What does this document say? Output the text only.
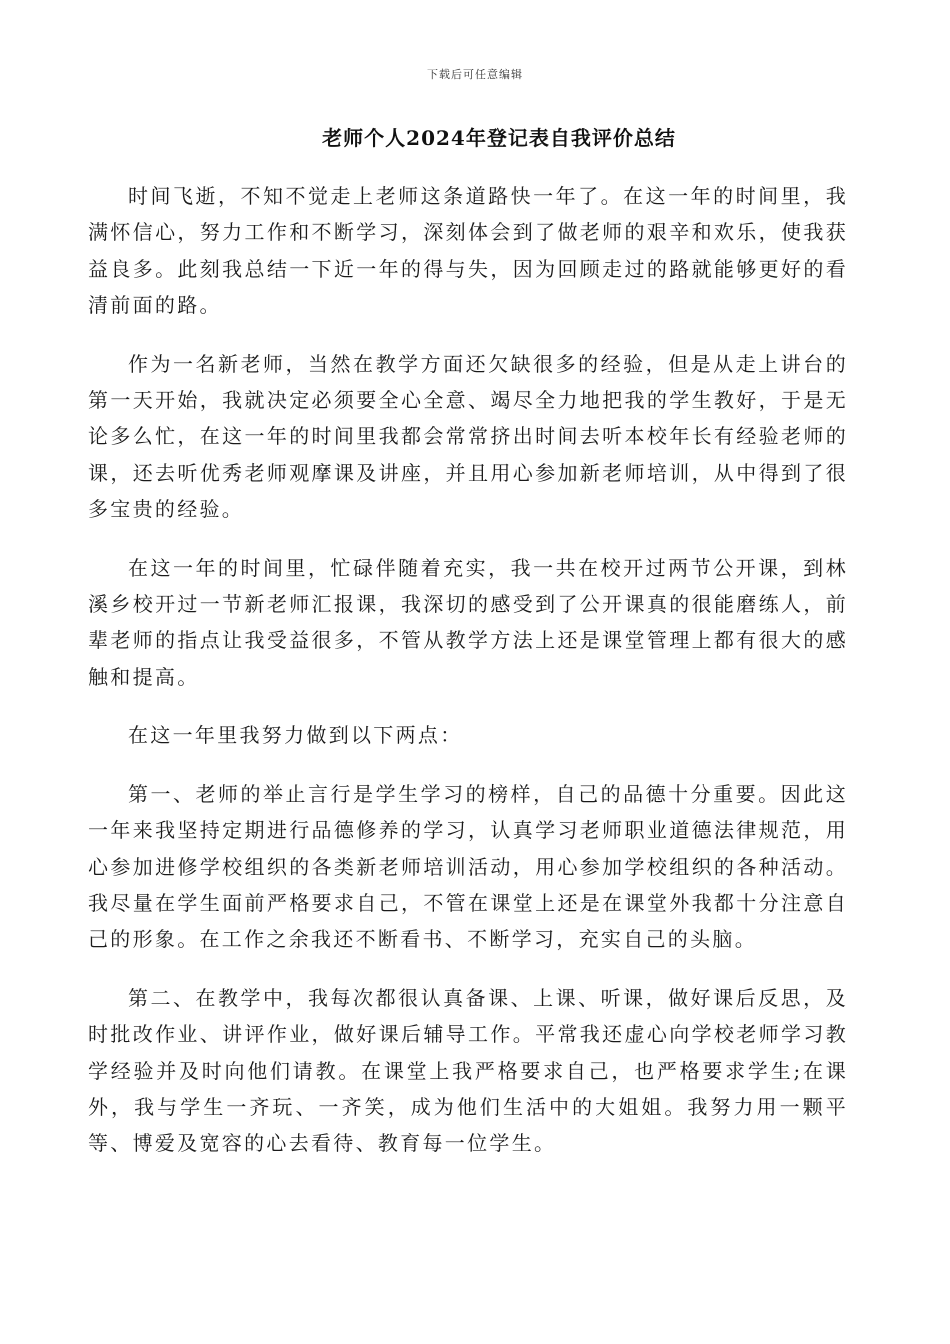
下载后可任意编辑
老师个人2024年登记表自我评价总结

时间飞逝，不知不觉走上老师这条道路快一年了。在这一年的时间里，我满怀信心，努力工作和不断学习，深刻体会到了做老师的艰辛和欢乐，使我获益良多。此刻我总结一下近一年的得与失，因为回顾走过的路就能够更好的看清前面的路。

作为一名新老师，当然在教学方面还欠缺很多的经验，但是从走上讲台的第一天开始，我就决定必须要全心全意、竭尽全力地把我的学生教好，于是无论多么忙，在这一年的时间里我都会常常挤出时间去听本校年长有经验老师的课，还去听优秀老师观摩课及讲座，并且用心参加新老师培训，从中得到了很多宝贵的经验。

在这一年的时间里，忙碌伴随着充实，我一共在校开过两节公开课，到林溪乡校开过一节新老师汇报课，我深切的感受到了公开课真的很能磨练人，前辈老师的指点让我受益很多，不管从教学方法上还是课堂管理上都有很大的感触和提高。

在这一年里我努力做到以下两点：

第一、老师的举止言行是学生学习的榜样，自己的品德十分重要。因此这一年来我坚持定期进行品德修养的学习，认真学习老师职业道德法律规范，用心参加进修学校组织的各类新老师培训活动，用心参加学校组织的各种活动。我尽量在学生面前严格要求自己，不管在课堂上还是在课堂外我都十分注意自己的形象。在工作之余我还不断看书、不断学习，充实自己的头脑。

第二、在教学中，我每次都很认真备课、上课、听课，做好课后反思，及时批改作业、讲评作业，做好课后辅导工作。平常我还虚心向学校老师学习教学经验并及时向他们请教。在课堂上我严格要求自己，也严格要求学生;在课外，我与学生一齐玩、一齐笑，成为他们生活中的大姐姐。我努力用一颗平等、博爱及宽容的心去看待、教育每一位学生。
